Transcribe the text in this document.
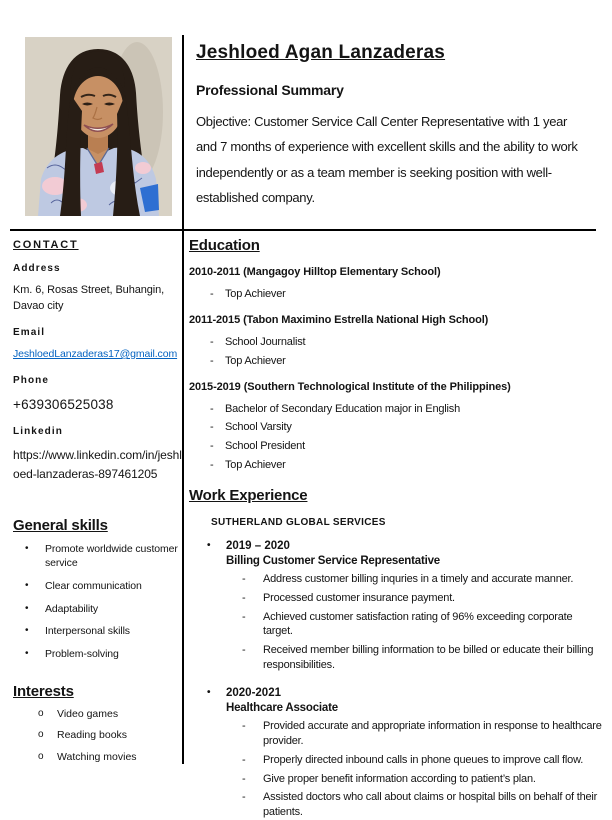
Jeshloed Agan Lanzaderas
Professional Summary
Objective: Customer Service Call Center Representative with 1 year and 7 months of experience with excellent skills and the ability to work independently or as a team member is seeking position with well-established company.
CONTACT
Address
Km. 6, Rosas Street, Buhangin, Davao city
Email
JeshloedLanzaderas17@gmail.com
Phone
+639306525038
Linkedin
https://www.linkedin.com/in/jeshloed-lanzaderas-897461205
General skills
•	Promote worldwide customer service
•	Clear communication
•	Adaptability
•	Interpersonal skills
•	Problem-solving
Interests
o	Video games
o	Reading books
o	Watching movies
Education
2010-2011 (Mangagoy Hilltop Elementary School)
-	Top Achiever
2011-2015 (Tabon Maximino Estrella National High School)
-	School Journalist
-	Top Achiever
2015-2019 (Southern Technological Institute of the Philippines)
-	Bachelor of Secondary Education major in English
-	School Varsity
-	School President
-	Top Achiever
Work Experience
SUTHERLAND GLOBAL SERVICES
•	2019 – 2020
Billing Customer Service Representative
-	Address customer billing inquries in a timely and accurate manner.
-	Processed customer insurance payment.
-	Achieved customer satisfaction rating of 96% exceeding corporate target.
-	Received member billing information to be billed or educate their billing responsibilities.
•	2020-2021
Healthcare Associate
-	Provided accurate and appropriate information in response to healthcare provider.
-	Properly directed inbound calls in phone queues to improve call flow.
-	Give proper benefit information according to patient’s plan.
-	Assisted doctors who call about claims or hospital bills on behalf of their patients.
